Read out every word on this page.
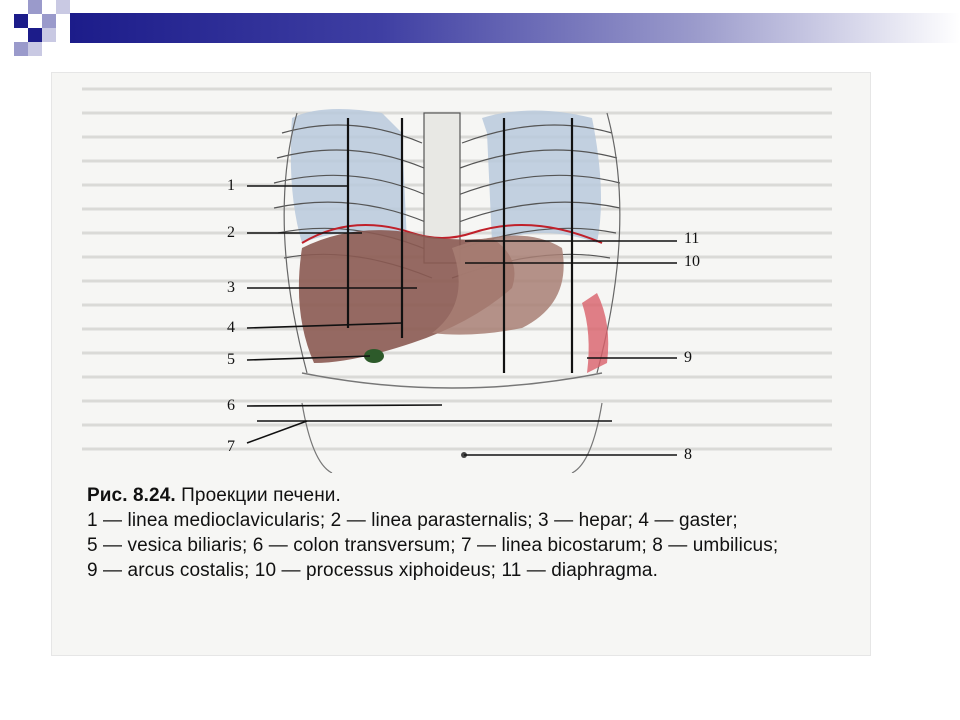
1
2
3
4
5
6
7
11
10
9
8
Рис. 8.24. Проекции печени.
1 — linea medioclavicularis; 2 — linea parasternalis; 3 — hepar; 4 — gaster;
5 — vesica biliaris; 6 — colon transversum; 7 — linea bicostarum; 8 — umbilicus;
9 — arcus costalis; 10 — processus xiphoideus; 11 — diaphragma.
